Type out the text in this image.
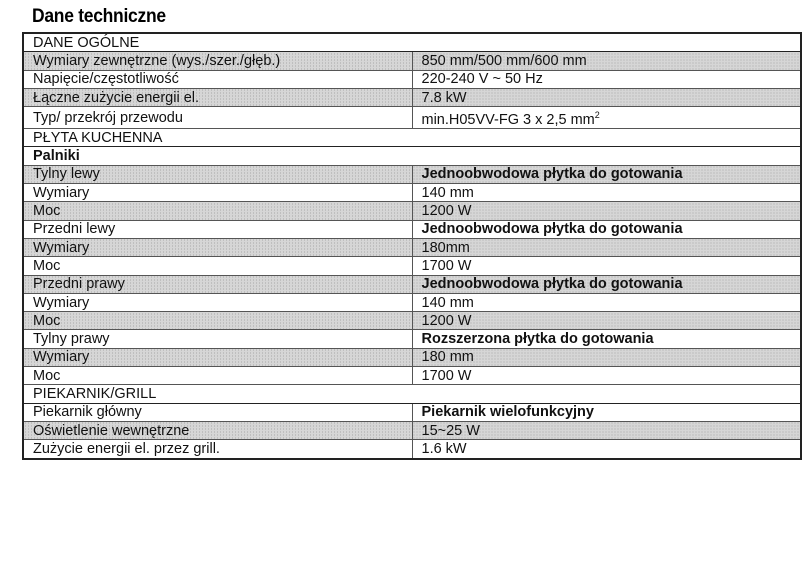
Dane techniczne
DANE OGÓLNE	
Wymiary zewnętrzne (wys./szer./głęb.)	850 mm/500 mm/600 mm
Napięcie/częstotliwość	220-240 V ~ 50 Hz
Łączne zużycie energii el.	7.8 kW
Typ/ przekrój przewodu	min.H05VV-FG 3 x 2,5 $mm^2$
PŁYTA KUCHENNA	
Palniki	
Tylny lewy	Jednoobwodowa płytka do gotowania
Wymiary	140 mm
Moc	1200 W
Przedni lewy	Jednoobwodowa płytka do gotowania
Wymiary	180mm
Moc	1700 W
Przedni prawy	Jednoobwodowa płytka do gotowania
Wymiary	140 mm
Moc	1200 W
Tylny prawy	Rozszerzona płytka do gotowania
Wymiary	180 mm
Moc	1700 W
PIEKARNIK/GRILL	
Piekarnik główny	Piekarnik wielofunkcyjny
Oświetlenie wewnętrzne	15~25 W
Zużycie energii el. przez grill.	1.6 kW
